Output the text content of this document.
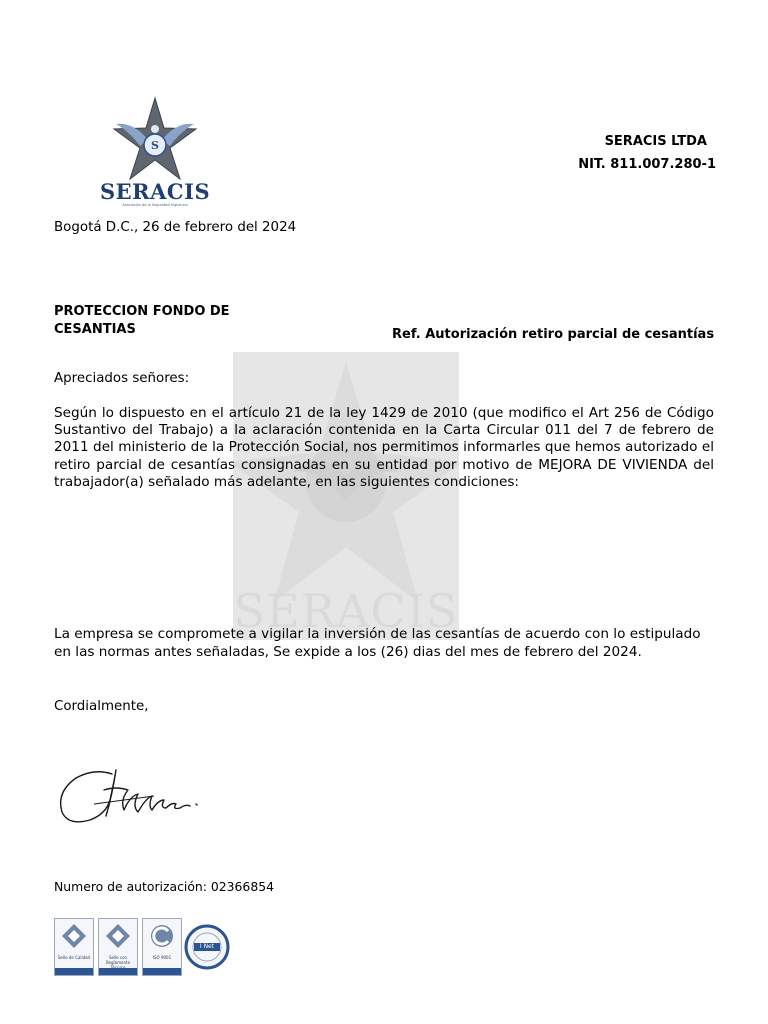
SERACIS
S
SERACIS
Asociación de la Seguridad Vigilancia
SERACIS LTDA
NIT. 811.007.280-1
Bogotá D.C., 26 de febrero del 2024
PROTECCION FONDO DE
CESANTIAS	Ref. Autorización retiro parcial de cesantías
Apreciados señores:
Según lo dispuesto en el artículo 21 de la ley 1429 de 2010 (que modifico el Art 256 de Código Sustantivo del Trabajo) a la aclaración contenida en la Carta Circular 011 del 7 de febrero de 2011 del ministerio de la Protección Social, nos permitimos informarles que hemos autorizado el retiro parcial de cesantías consignadas en su entidad por motivo de MEJORA DE VIVIENDA del trabajador(a) señalado más adelante, en las siguientes condiciones:
La empresa se compromete a vigilar la inversión de las cesantías de acuerdo con lo estipulado en las normas antes señaladas, Se expide a los (26) dias del mes de febrero del 2024.
Cordialmente,
Numero de autorización: 02366854
Sello de Calidad	Sello con Reglamento
ISO 9001
I Net
